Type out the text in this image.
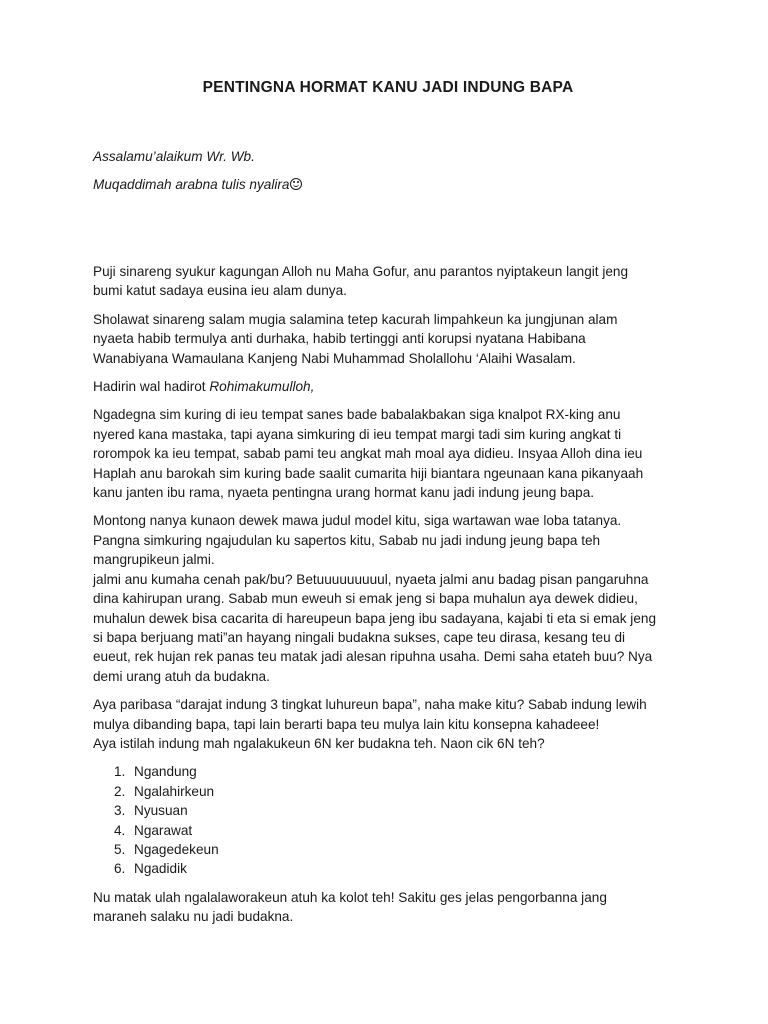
PENTINGNA HORMAT KANU JADI INDUNG BAPA

Assalamu’alaikum Wr. Wb.

Muqaddimah arabna tulis nyalira

Puji sinareng syukur kagungan Alloh nu Maha Gofur, anu parantos nyiptakeun langit jeng
bumi katut sadaya eusina ieu alam dunya.

Sholawat sinareng salam mugia salamina tetep kacurah limpahkeun ka jungjunan alam
nyaeta habib termulya anti durhaka, habib tertinggi anti korupsi nyatana Habibana
Wanabiyana Wamaulana Kanjeng Nabi Muhammad Sholallohu ‘Alaihi Wasalam.

Hadirin wal hadirot Rohimakumulloh,

Ngadegna sim kuring di ieu tempat sanes bade babalakbakan siga knalpot RX-king anu
nyered kana mastaka, tapi ayana simkuring di ieu tempat margi tadi sim kuring angkat ti
rorompok ka ieu tempat, sabab pami teu angkat mah moal aya didieu. Insyaa Alloh dina ieu
Haplah anu barokah sim kuring bade saalit cumarita hiji biantara ngeunaan kana pikanyaah
kanu janten ibu rama, nyaeta pentingna urang hormat kanu jadi indung jeung bapa.

Montong nanya kunaon dewek mawa judul model kitu, siga wartawan wae loba tatanya.
Pangna simkuring ngajudulan ku sapertos kitu, Sabab nu jadi indung jeung bapa teh
mangrupikeun jalmi.
jalmi anu kumaha cenah pak/bu? Betuuuuuuuuul, nyaeta jalmi anu badag pisan pangaruhna
dina kahirupan urang. Sabab mun eweuh si emak jeng si bapa muhalun aya dewek didieu,
muhalun dewek bisa cacarita di hareupeun bapa jeng ibu sadayana, kajabi ti eta si emak jeng
si bapa berjuang mati”an hayang ningali budakna sukses, cape teu dirasa, kesang teu di
eueut, rek hujan rek panas teu matak jadi alesan ripuhna usaha. Demi saha etateh buu? Nya
demi urang atuh da budakna.

Aya paribasa “darajat indung 3 tingkat luhureun bapa”, naha make kitu? Sabab indung lewih
mulya dibanding bapa, tapi lain berarti bapa teu mulya lain kitu konsepna kahadeee!
Aya istilah indung mah ngalakukeun 6N ker budakna teh. Naon cik 6N teh?

1. Ngandung
2. Ngalahirkeun
3. Nyusuan
4. Ngarawat
5. Ngagedekeun
6. Ngadidik

Nu matak ulah ngalalaworakeun atuh ka kolot teh! Sakitu ges jelas pengorbanna jang
maraneh salaku nu jadi budakna.
